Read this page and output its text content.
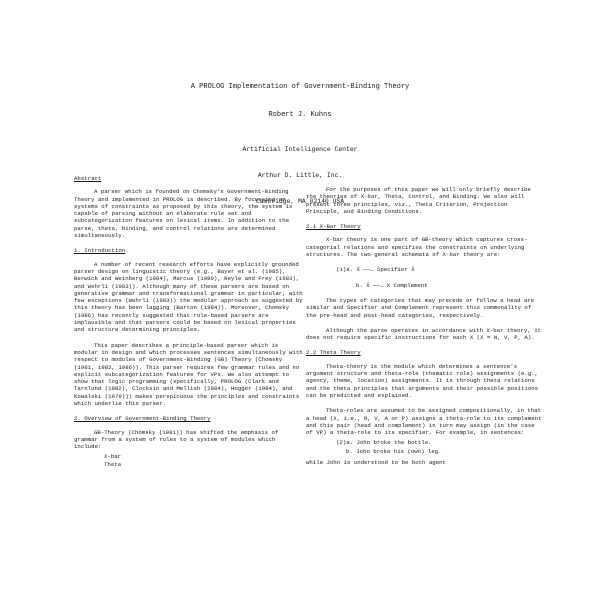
A PROLOG Implementation of Government-Binding Theory
Robert J. Kuhns

Artificial Intelligence Center

Arthur D. Little, Inc.

Cambridge, MA 02140 USA

Abstract
A parser which is founded on Chomsky's Government-Binding Theory and implemented in PROLOG is described. By focussing on systems of constraints as proposed by this theory, the system is capable of parsing without an elaborate rule set and subcategorization features on lexical items. In addition to the parse, theta, binding, and control relations are determined simultaneously.
1. Introduction
A number of recent research efforts have explicitly grounded parser design on linguistic theory (e.g., Bayer et al. (1985), Berwick and Weinberg (1984), Marcus (1980), Reyle and Frey (1983), and Wehrli (1983)). Although many of these parsers are based on generative grammar and transformational grammar in particular, with few exceptions (Wehrli (1983)) the modular approach as suggested by this theory has been lagging (Barton (1984)). Moreover, Chomsky (1986) has recently suggested that rule-based parsers are implausible and that parsers could be based on lexical properties and structure determining principles.
This paper describes a principle-based parser which is modular in design and which processes sentences simultaneously with respect to modules of Government-Binding (GB) Theory (Chomsky (1981, 1982, 1986)). This parser requires few grammar rules and no explicit subcategorization features for VPs. We also attempt to show that logic programming (specifically, PROLOG (Clark and Tarnlund (1982), Clocksin and Mellish (1984), Hogger (1984), and Kowalski (1979))) makes perspicuous the principles and constraints which underlie this parser.
2. Overview of Government-Binding Theory
GB-Theory (Chomsky (1981)) has shifted the emphasis of grammar from a system of rules to a system of modules which include:
X-bar
Theta
For the purposes of this paper we will only briefly describe the theories of X-bar, Theta, Control, and Binding. We also will present three principles, viz., Theta Criterion, Projection Principle, and Binding Conditions.
2.1 X-Bar Theory
X-bar theory is one part of GB-theory which captures cross-categorial relations and specifies the constraints on underlying structures. The two general schemata of X-bar theory are:
(1)a. X̄ ——→ Specifier X̄
b. X̄ ——→ X Complement
The types of categories that may precede or follow a head are similar and Specifier and Complement represent this commonality of the pre-head and post-head categories, respectively.
Although the parse operates in accordance with X-bar theory, it does not require specific instructions for each X (X = N, V, P, A).
2.2 Theta Theory
Theta-theory is the module which determines a sentence's argument structure and theta-role (thematic role) assignments (e.g., agency, theme, location) assignments. It is through theta relations and the theta principles that arguments and their possible positions can be predicted and explained.
Theta-roles are assumed to be assigned compositionally, in that a head (X, i.e., N, V, A or P) assigns a theta-role to its complement and this pair (head and complement) in turn may assign (in the case of VP) a theta-role to its specifier. For example, in sentences:
(2)a. John broke the bottle.
b. John broke his (own) leg.
while John is understood to be both agent
